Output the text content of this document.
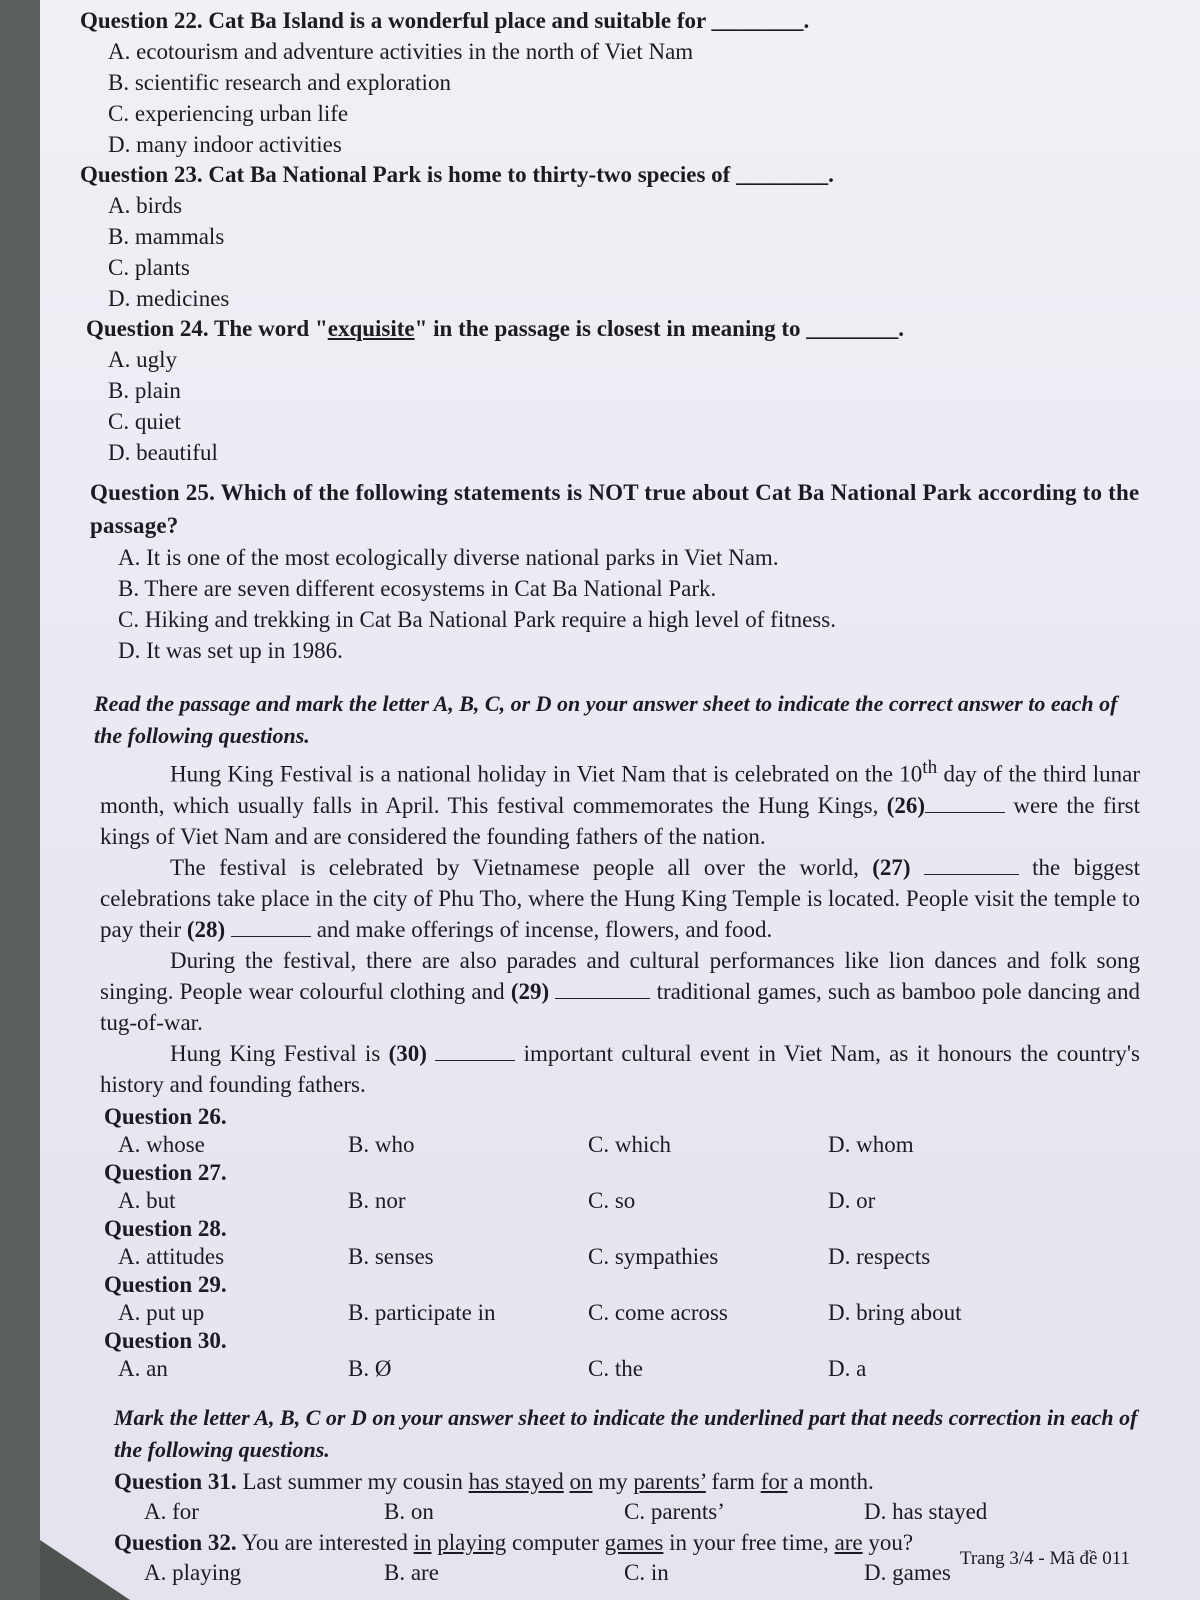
Question 22. Cat Ba Island is a wonderful place and suitable for ________.

A. ecotourism and adventure activities in the north of Viet Nam

B. scientific research and exploration

C. experiencing urban life

D. many indoor activities

Question 23. Cat Ba National Park is home to thirty-two species of ________.

A. birds

B. mammals

C. plants

D. medicines

Question 24. The word "exquisite" in the passage is closest in meaning to ________.

A. ugly

B. plain

C. quiet

D. beautiful

Question 25. Which of the following statements is NOT true about Cat Ba National Park according to the passage?

A. It is one of the most ecologically diverse national parks in Viet Nam.

B. There are seven different ecosystems in Cat Ba National Park.

C. Hiking and trekking in Cat Ba National Park require a high level of fitness.

D. It was set up in 1986.

Read the passage and mark the letter A, B, C, or D on your answer sheet to indicate the correct answer to each of the following questions.

Hung King Festival is a national holiday in Viet Nam that is celebrated on the 10th day of the third lunar month, which usually falls in April. This festival commemorates the Hung Kings, (26)	were the first kings of Viet Nam and are considered the founding fathers of the nation.

The festival is celebrated by Vietnamese people all over the world, (27)	the biggest celebrations take place in the city of Phu Tho, where the Hung King Temple is located. People visit the temple to pay their (28)	and make offerings of incense, flowers, and food.

During the festival, there are also parades and cultural performances like lion dances and folk song singing. People wear colourful clothing and (29)	traditional games, such as bamboo pole dancing and tug-of-war.

Hung King Festival is (30)	important cultural event in Viet Nam, as it honours the country's history and founding fathers.

Question 26.

A. whose	B. who	C. which	D. whom

Question 27.

A. but	B. nor	C. so	D. or

Question 28.

A. attitudes	B. senses	C. sympathies	D. respects

Question 29.

A. put up	B. participate in	C. come across	D. bring about

Question 30.

A. an	B. Ø	C. the	D. a

Mark the letter A, B, C or D on your answer sheet to indicate the underlined part that needs correction in each of the following questions.

Question 31. Last summer my cousin has stayed on my parents’ farm for a month.

A. for	B. on	C. parents’	D. has stayed

Question 32. You are interested in playing computer games in your free time, are you?

A. playing	B. are	C. in	D. games
Trang 3/4 - Mã đề 011
